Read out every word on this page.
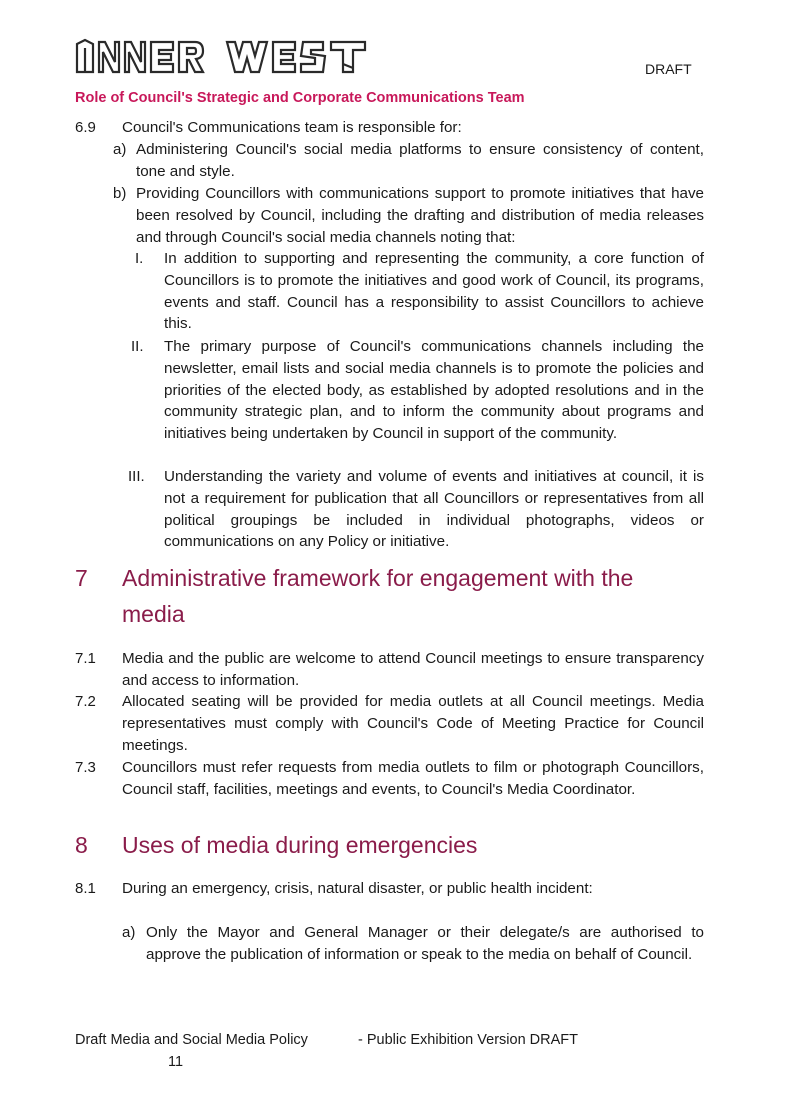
DRAFT
Role of Council's Strategic and Corporate Communications Team
6.9 Council's Communications team is responsible for:
a) Administering Council's social media platforms to ensure consistency of content, tone and style.
b) Providing Councillors with communications support to promote initiatives that have been resolved by Council, including the drafting and distribution of media releases and through Council's social media channels noting that:
I. In addition to supporting and representing the community, a core function of Councillors is to promote the initiatives and good work of Council, its programs, events and staff. Council has a responsibility to assist Councillors to achieve this.
II. The primary purpose of Council's communications channels including the newsletter, email lists and social media channels is to promote the policies and priorities of the elected body, as established by adopted resolutions and in the community strategic plan, and to inform the community about programs and initiatives being undertaken by Council in support of the community.
III. Understanding the variety and volume of events and initiatives at council, it is not a requirement for publication that all Councillors or representatives from all political groupings be included in individual photographs, videos or communications on any Policy or initiative.
7 Administrative framework for engagement with the
media
7.1 Media and the public are welcome to attend Council meetings to ensure transparency and access to information.
7.2 Allocated seating will be provided for media outlets at all Council meetings. Media representatives must comply with Council's Code of Meeting Practice for Council meetings.
7.3 Councillors must refer requests from media outlets to film or photograph Councillors, Council staff, facilities, meetings and events, to Council's Media Coordinator.
8 Uses of media during emergencies
8.1 During an emergency, crisis, natural disaster, or public health incident:
a) Only the Mayor and General Manager or their delegate/s are authorised to approve the publication of information or speak to the media on behalf of Council.
Draft Media and Social Media Policy	- Public Exhibition Version DRAFT
11
